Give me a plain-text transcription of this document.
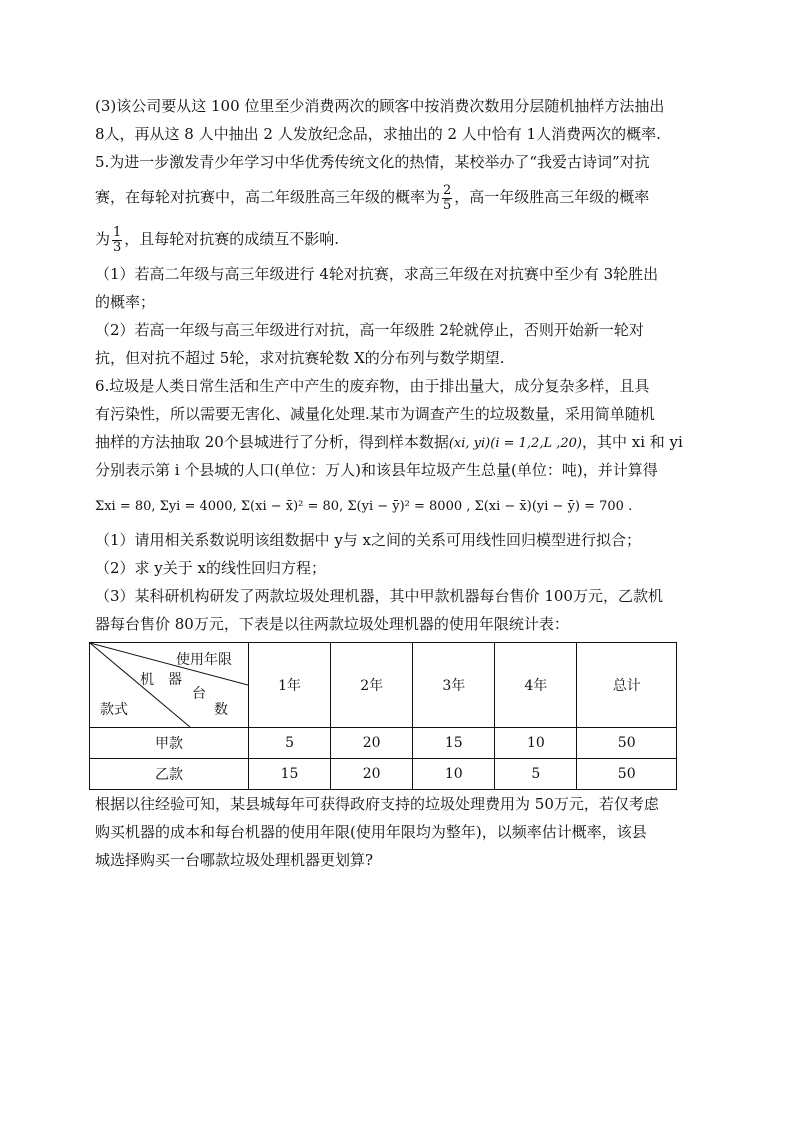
(3)该公司要从这 100 位里至少消费两次的顾客中按消费次数用分层随机抽样方法抽出
8人，再从这 8 人中抽出 2 人发放纪念品，求抽出的 2 人中恰有 1人消费两次的概率.
5.为进一步激发青少年学习中华优秀传统文化的热情，某校举办了“我爱古诗词”对抗
赛，在每轮对抗赛中，高二年级胜高三年级的概率为 $\frac{2}{5}$ ，高一年级胜高三年级的概率
为 $\frac{1}{3}$ ，且每轮对抗赛的成绩互不影响.
（1）若高二年级与高三年级进行 4轮对抗赛，求高三年级在对抗赛中至少有 3轮胜出
的概率；
（2）若高一年级与高三年级进行对抗，高一年级胜 2轮就停止，否则开始新一轮对
抗，但对抗不超过 5轮，求对抗赛轮数 X的分布列与数学期望.
6.垃圾是人类日常生活和生产中产生的废弃物，由于排出量大，成分复杂多样，且具
有污染性，所以需要无害化、减量化处理.某市为调查产生的垃圾数量，采用简单随机
抽样的方法抽取 20个县城进行了分析，得到样本数据(xi, yi)(i = 1,2,L ,20)，其中 xi 和 yi
分别表示第 i 个县城的人口(单位：万人)和该县年垃圾产生总量(单位：吨)，并计算得
Σxi = 80, Σyi = 4000, Σ(xi − x̄)² = 80, Σ(yi − ȳ)² = 8000 , Σ(xi − x̄)(yi − ȳ) = 700 .
（1）请用相关系数说明该组数据中 y与 x之间的关系可用线性回归模型进行拟合；
（2）求 y关于 x的线性回归方程；
（3）某科研机构研发了两款垃圾处理机器，其中甲款机器每台售价 100万元，乙款机
器每台售价 80万元，下表是以往两款垃圾处理机器的使用年限统计表：
使用年限
机　器
台
款式 数	1年	2年	3年	4年	总计
甲款	5	20	15	10	50
乙款	15	20	10	5	50
根据以往经验可知，某县城每年可获得政府支持的垃圾处理费用为 50万元，若仅考虑
购买机器的成本和每台机器的使用年限(使用年限均为整年)，以频率估计概率，该县
城选择购买一台哪款垃圾处理机器更划算?
